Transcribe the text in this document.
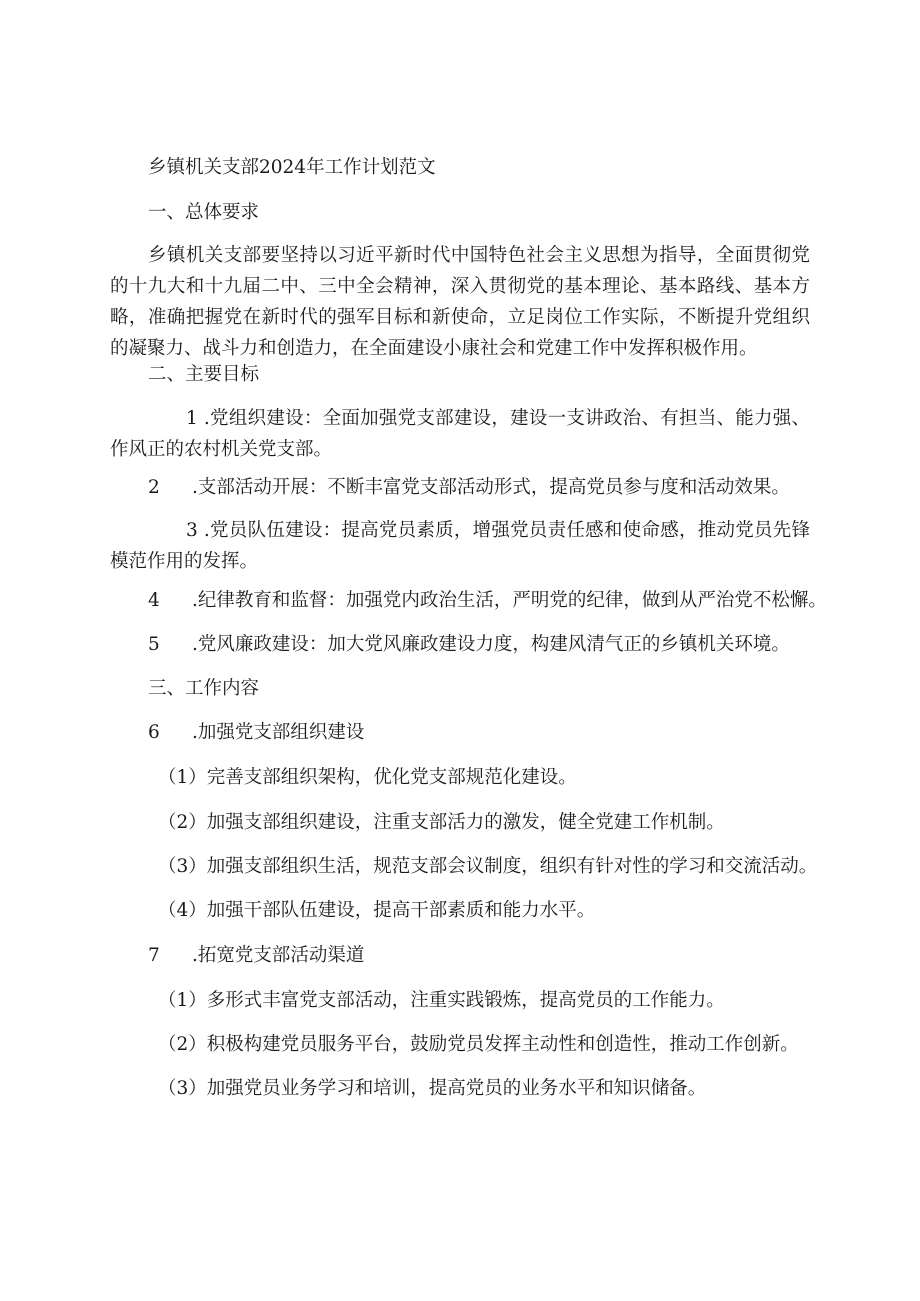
乡镇机关支部2024年工作计划范文
一、总体要求
乡镇机关支部要坚持以习近平新时代中国特色社会主义思想为指导，全面贯彻党的十九大和十九届二中、三中全会精神，深入贯彻党的基本理论、基本路线、基本方略，准确把握党在新时代的强军目标和新使命，立足岗位工作实际，不断提升党组织的凝聚力、战斗力和创造力，在全面建设小康社会和党建工作中发挥积极作用。
二、主要目标
1 .党组织建设：全面加强党支部建设，建设一支讲政治、有担当、能力强、作风正的农村机关党支部。
2 .支部活动开展：不断丰富党支部活动形式，提高党员参与度和活动效果。
3 .党员队伍建设：提高党员素质，增强党员责任感和使命感，推动党员先锋模范作用的发挥。
4 .纪律教育和监督：加强党内政治生活，严明党的纪律，做到从严治党不松懈。
5 .党风廉政建设：加大党风廉政建设力度，构建风清气正的乡镇机关环境。
三、工作内容
6 .加强党支部组织建设
（1）完善支部组织架构，优化党支部规范化建设。
（2）加强支部组织建设，注重支部活力的激发，健全党建工作机制。
（3）加强支部组织生活，规范支部会议制度，组织有针对性的学习和交流活动。
（4）加强干部队伍建设，提高干部素质和能力水平。
7 .拓宽党支部活动渠道
（1）多形式丰富党支部活动，注重实践锻炼，提高党员的工作能力。
（2）积极构建党员服务平台，鼓励党员发挥主动性和创造性，推动工作创新。
（3）加强党员业务学习和培训，提高党员的业务水平和知识储备。
